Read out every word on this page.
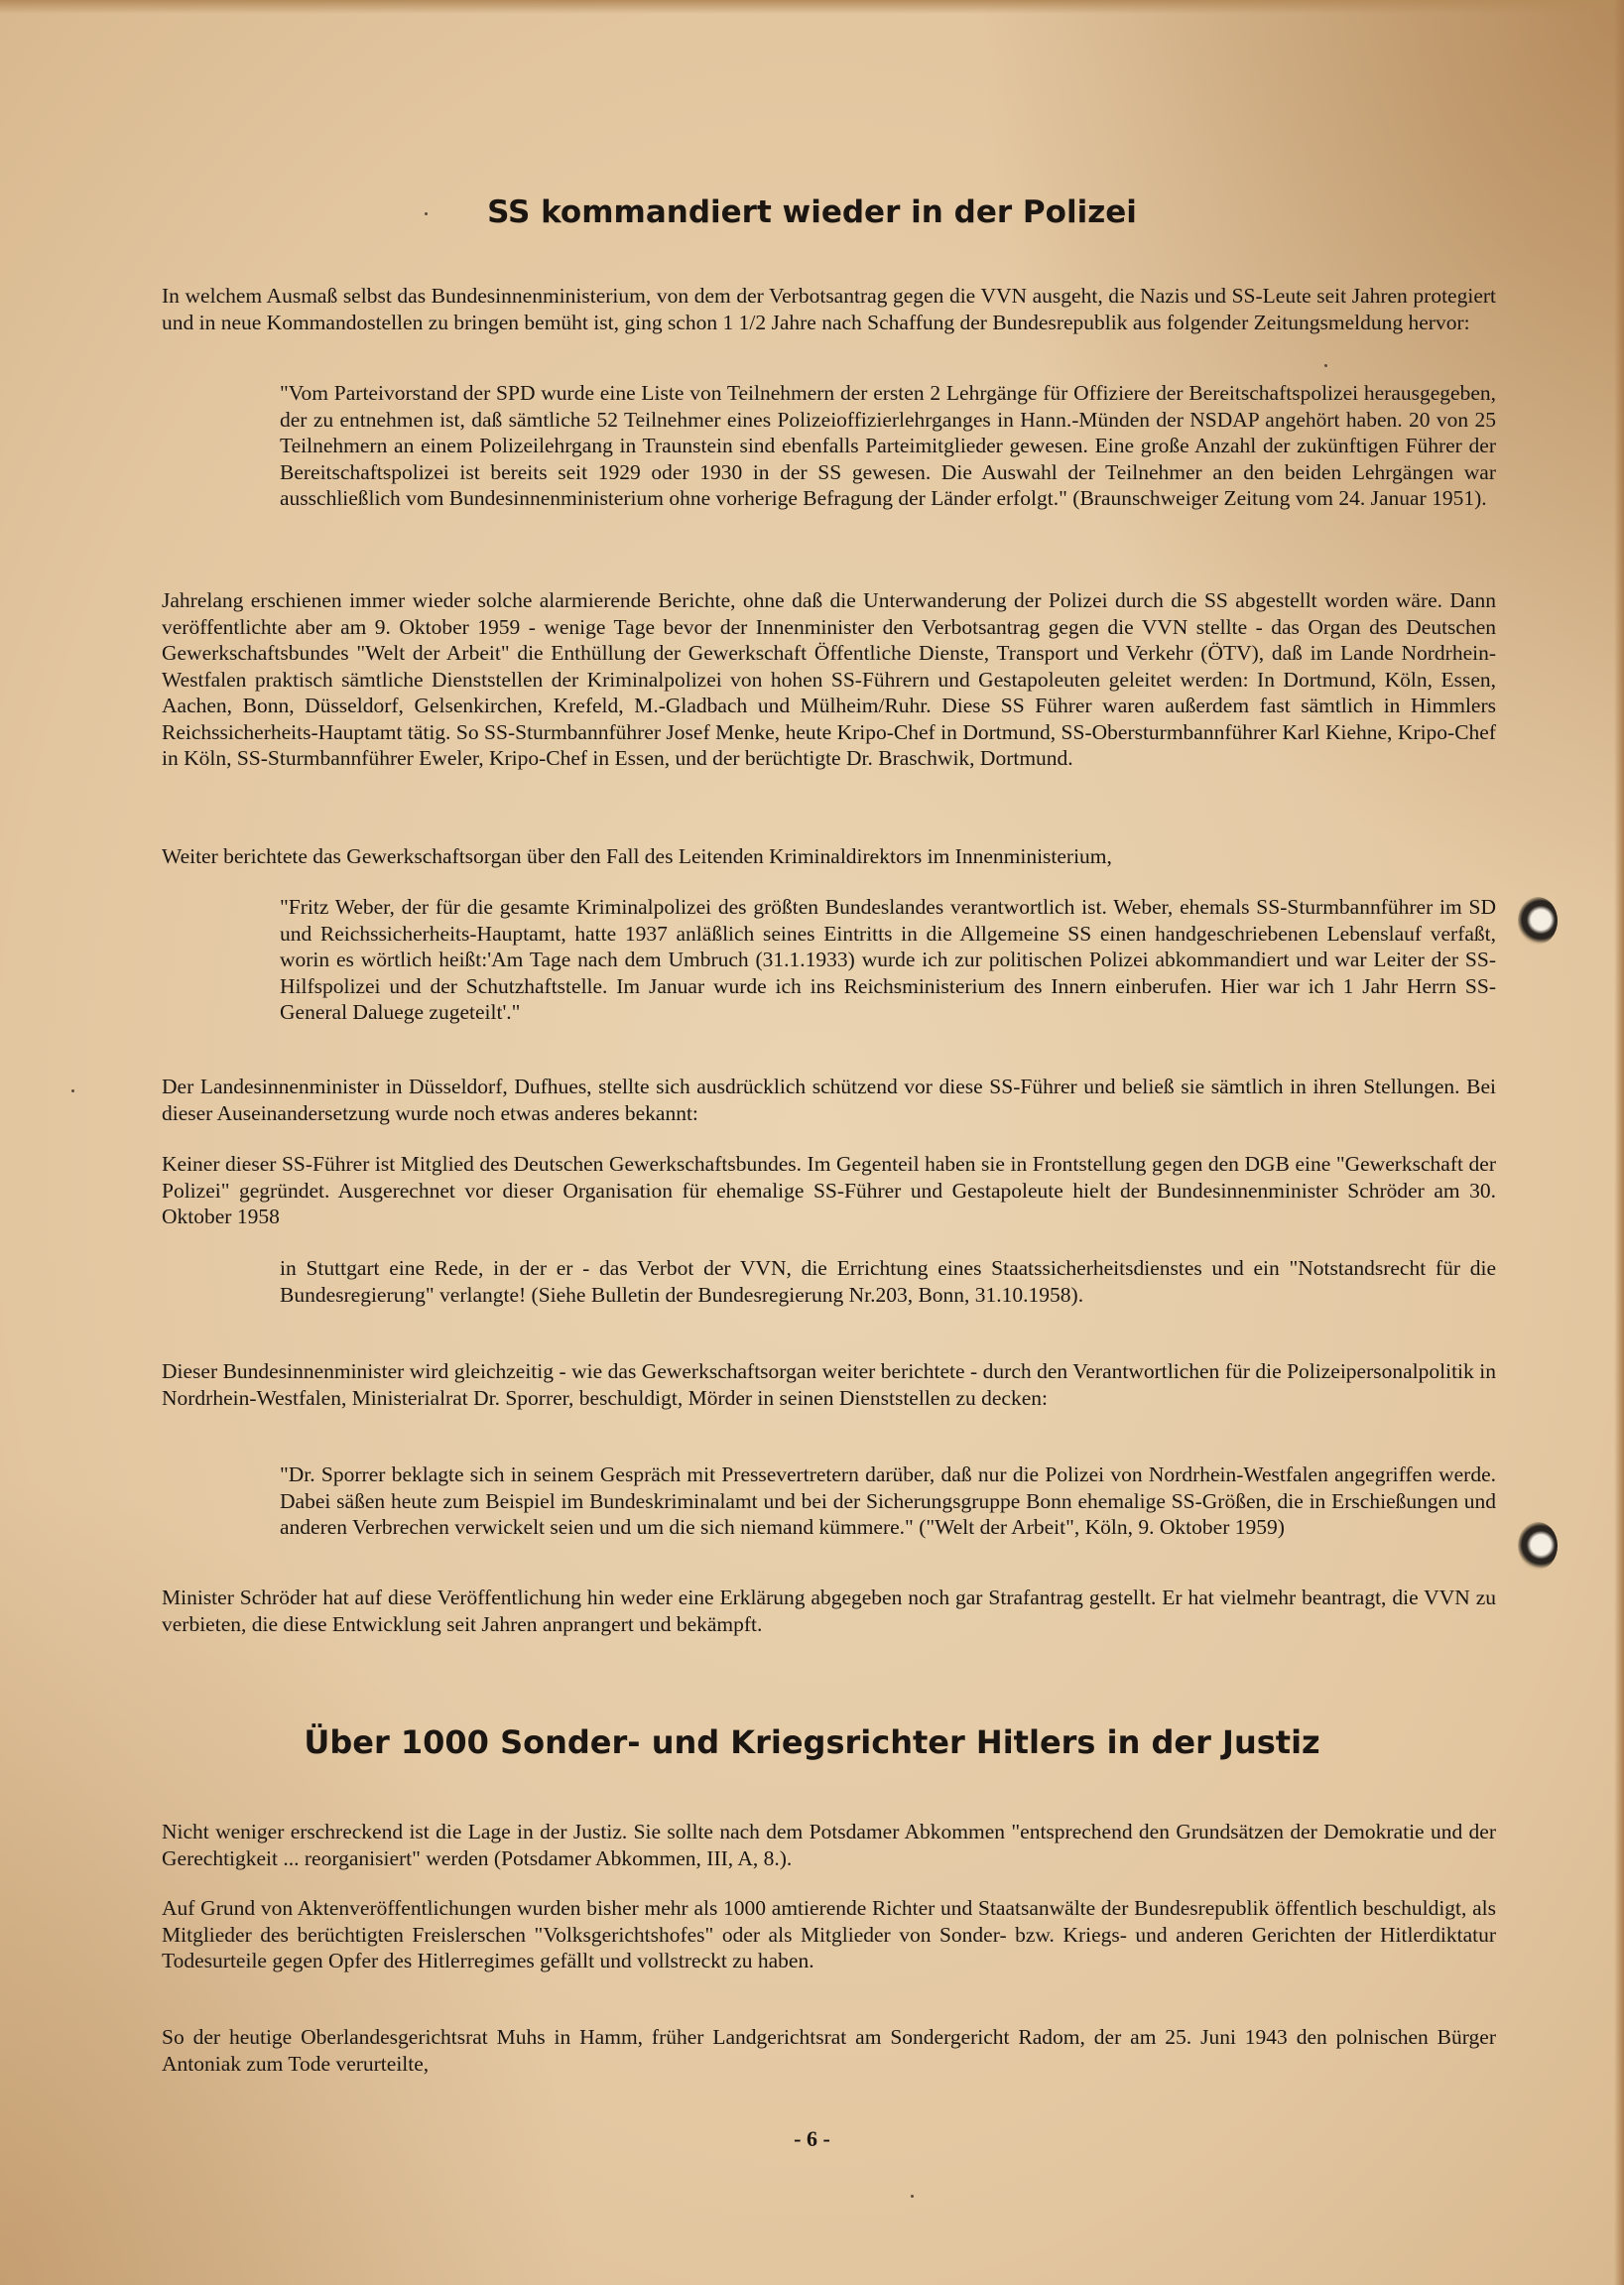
SS kommandiert wieder in der Polizei

In welchem Ausmaß selbst das Bundesinnenministerium, von dem der Verbotsantrag gegen die VVN ausgeht, die Nazis und SS-Leute seit Jahren protegiert und in neue Kommandostellen zu bringen bemüht ist, ging schon 1 1/2 Jahre nach Schaffung der Bundesrepublik aus folgender Zeitungsmeldung hervor:

"Vom Parteivorstand der SPD wurde eine Liste von Teilnehmern der ersten 2 Lehrgänge für Offiziere der Bereitschaftspolizei herausgegeben, der zu entnehmen ist, daß sämtliche 52 Teilnehmer eines Polizeioffizierlehrganges in Hann.-Münden der NSDAP angehört haben. 20 von 25 Teilnehmern an einem Polizeilehrgang in Traunstein sind ebenfalls Parteimitglieder gewesen. Eine große Anzahl der zukünftigen Führer der Bereitschaftspolizei ist bereits seit 1929 oder 1930 in der SS gewesen. Die Auswahl der Teilnehmer an den beiden Lehrgängen war ausschließlich vom Bundesinnenministerium ohne vorherige Befragung der Länder erfolgt." (Braunschweiger Zeitung vom 24. Januar 1951).

Jahrelang erschienen immer wieder solche alarmierende Berichte, ohne daß die Unterwanderung der Polizei durch die SS abgestellt worden wäre. Dann veröffentlichte aber am 9. Oktober 1959 - wenige Tage bevor der Innenminister den Verbotsantrag gegen die VVN stellte - das Organ des Deutschen Gewerkschaftsbundes "Welt der Arbeit" die Enthüllung der Gewerkschaft Öffentliche Dienste, Transport und Verkehr (ÖTV), daß im Lande Nordrhein-Westfalen praktisch sämtliche Dienststellen der Kriminalpolizei von hohen SS-Führern und Gestapoleuten geleitet werden: In Dortmund, Köln, Essen, Aachen, Bonn, Düsseldorf, Gelsenkirchen, Krefeld, M.-Gladbach und Mülheim/Ruhr. Diese SS Führer waren außerdem fast sämtlich in Himmlers Reichssicherheits-Hauptamt tätig. So SS-Sturmbannführer Josef Menke, heute Kripo-Chef in Dortmund, SS-Obersturmbannführer Karl Kiehne, Kripo-Chef in Köln, SS-Sturmbannführer Eweler, Kripo-Chef in Essen, und der berüchtigte Dr. Braschwik, Dortmund.

Weiter berichtete das Gewerkschaftsorgan über den Fall des Leitenden Kriminaldirektors im Innenministerium,

"Fritz Weber, der für die gesamte Kriminalpolizei des größten Bundeslandes verantwortlich ist. Weber, ehemals SS-Sturmbannführer im SD und Reichssicherheits-Hauptamt, hatte 1937 anläßlich seines Eintritts in die Allgemeine SS einen handgeschriebenen Lebenslauf verfaßt, worin es wörtlich heißt:'Am Tage nach dem Umbruch (31.1.1933) wurde ich zur politischen Polizei abkommandiert und war Leiter der SS-Hilfspolizei und der Schutzhaftstelle. Im Januar wurde ich ins Reichsministerium des Innern einberufen. Hier war ich 1 Jahr Herrn SS-General Daluege zugeteilt'."

Der Landesinnenminister in Düsseldorf, Dufhues, stellte sich ausdrücklich schützend vor diese SS-Führer und beließ sie sämtlich in ihren Stellungen. Bei dieser Auseinandersetzung wurde noch etwas anderes bekannt:

Keiner dieser SS-Führer ist Mitglied des Deutschen Gewerkschaftsbundes. Im Gegenteil haben sie in Frontstellung gegen den DGB eine "Gewerkschaft der Polizei" gegründet. Ausgerechnet vor dieser Organisation für ehemalige SS-Führer und Gestapoleute hielt der Bundesinnenminister Schröder am 30. Oktober 1958

in Stuttgart eine Rede, in der er - das Verbot der VVN, die Errichtung eines Staatssicherheitsdienstes und ein "Notstandsrecht für die Bundesregierung" verlangte! (Siehe Bulletin der Bundesregierung Nr.203, Bonn, 31.10.1958).

Dieser Bundesinnenminister wird gleichzeitig - wie das Gewerkschaftsorgan weiter berichtete - durch den Verantwortlichen für die Polizeipersonalpolitik in Nordrhein-Westfalen, Ministerialrat Dr. Sporrer, beschuldigt, Mörder in seinen Dienststellen zu decken:

"Dr. Sporrer beklagte sich in seinem Gespräch mit Pressevertretern darüber, daß nur die Polizei von Nordrhein-Westfalen angegriffen werde. Dabei säßen heute zum Beispiel im Bundeskriminalamt und bei der Sicherungsgruppe Bonn ehemalige SS-Größen, die in Erschießungen und anderen Verbrechen verwickelt seien und um die sich niemand kümmere." ("Welt der Arbeit", Köln, 9. Oktober 1959)

Minister Schröder hat auf diese Veröffentlichung hin weder eine Erklärung abgegeben noch gar Strafantrag gestellt. Er hat vielmehr beantragt, die VVN zu verbieten, die diese Entwicklung seit Jahren anprangert und bekämpft.

Über 1000 Sonder- und Kriegsrichter Hitlers in der Justiz

Nicht weniger erschreckend ist die Lage in der Justiz. Sie sollte nach dem Potsdamer Abkommen "entsprechend den Grundsätzen der Demokratie und der Gerechtigkeit ... reorganisiert" werden (Potsdamer Abkommen, III, A, 8.).

Auf Grund von Aktenveröffentlichungen wurden bisher mehr als 1000 amtierende Richter und Staatsanwälte der Bundesrepublik öffentlich beschuldigt, als Mitglieder des berüchtigten Freislerschen "Volksgerichtshofes" oder als Mitglieder von Sonder- bzw. Kriegs- und anderen Gerichten der Hitlerdiktatur Todesurteile gegen Opfer des Hitlerregimes gefällt und vollstreckt zu haben.

So der heutige Oberlandesgerichtsrat Muhs in Hamm, früher Landgerichtsrat am Sondergericht Radom, der am 25. Juni 1943 den polnischen Bürger Antoniak zum Tode verurteilte,

- 6 -
